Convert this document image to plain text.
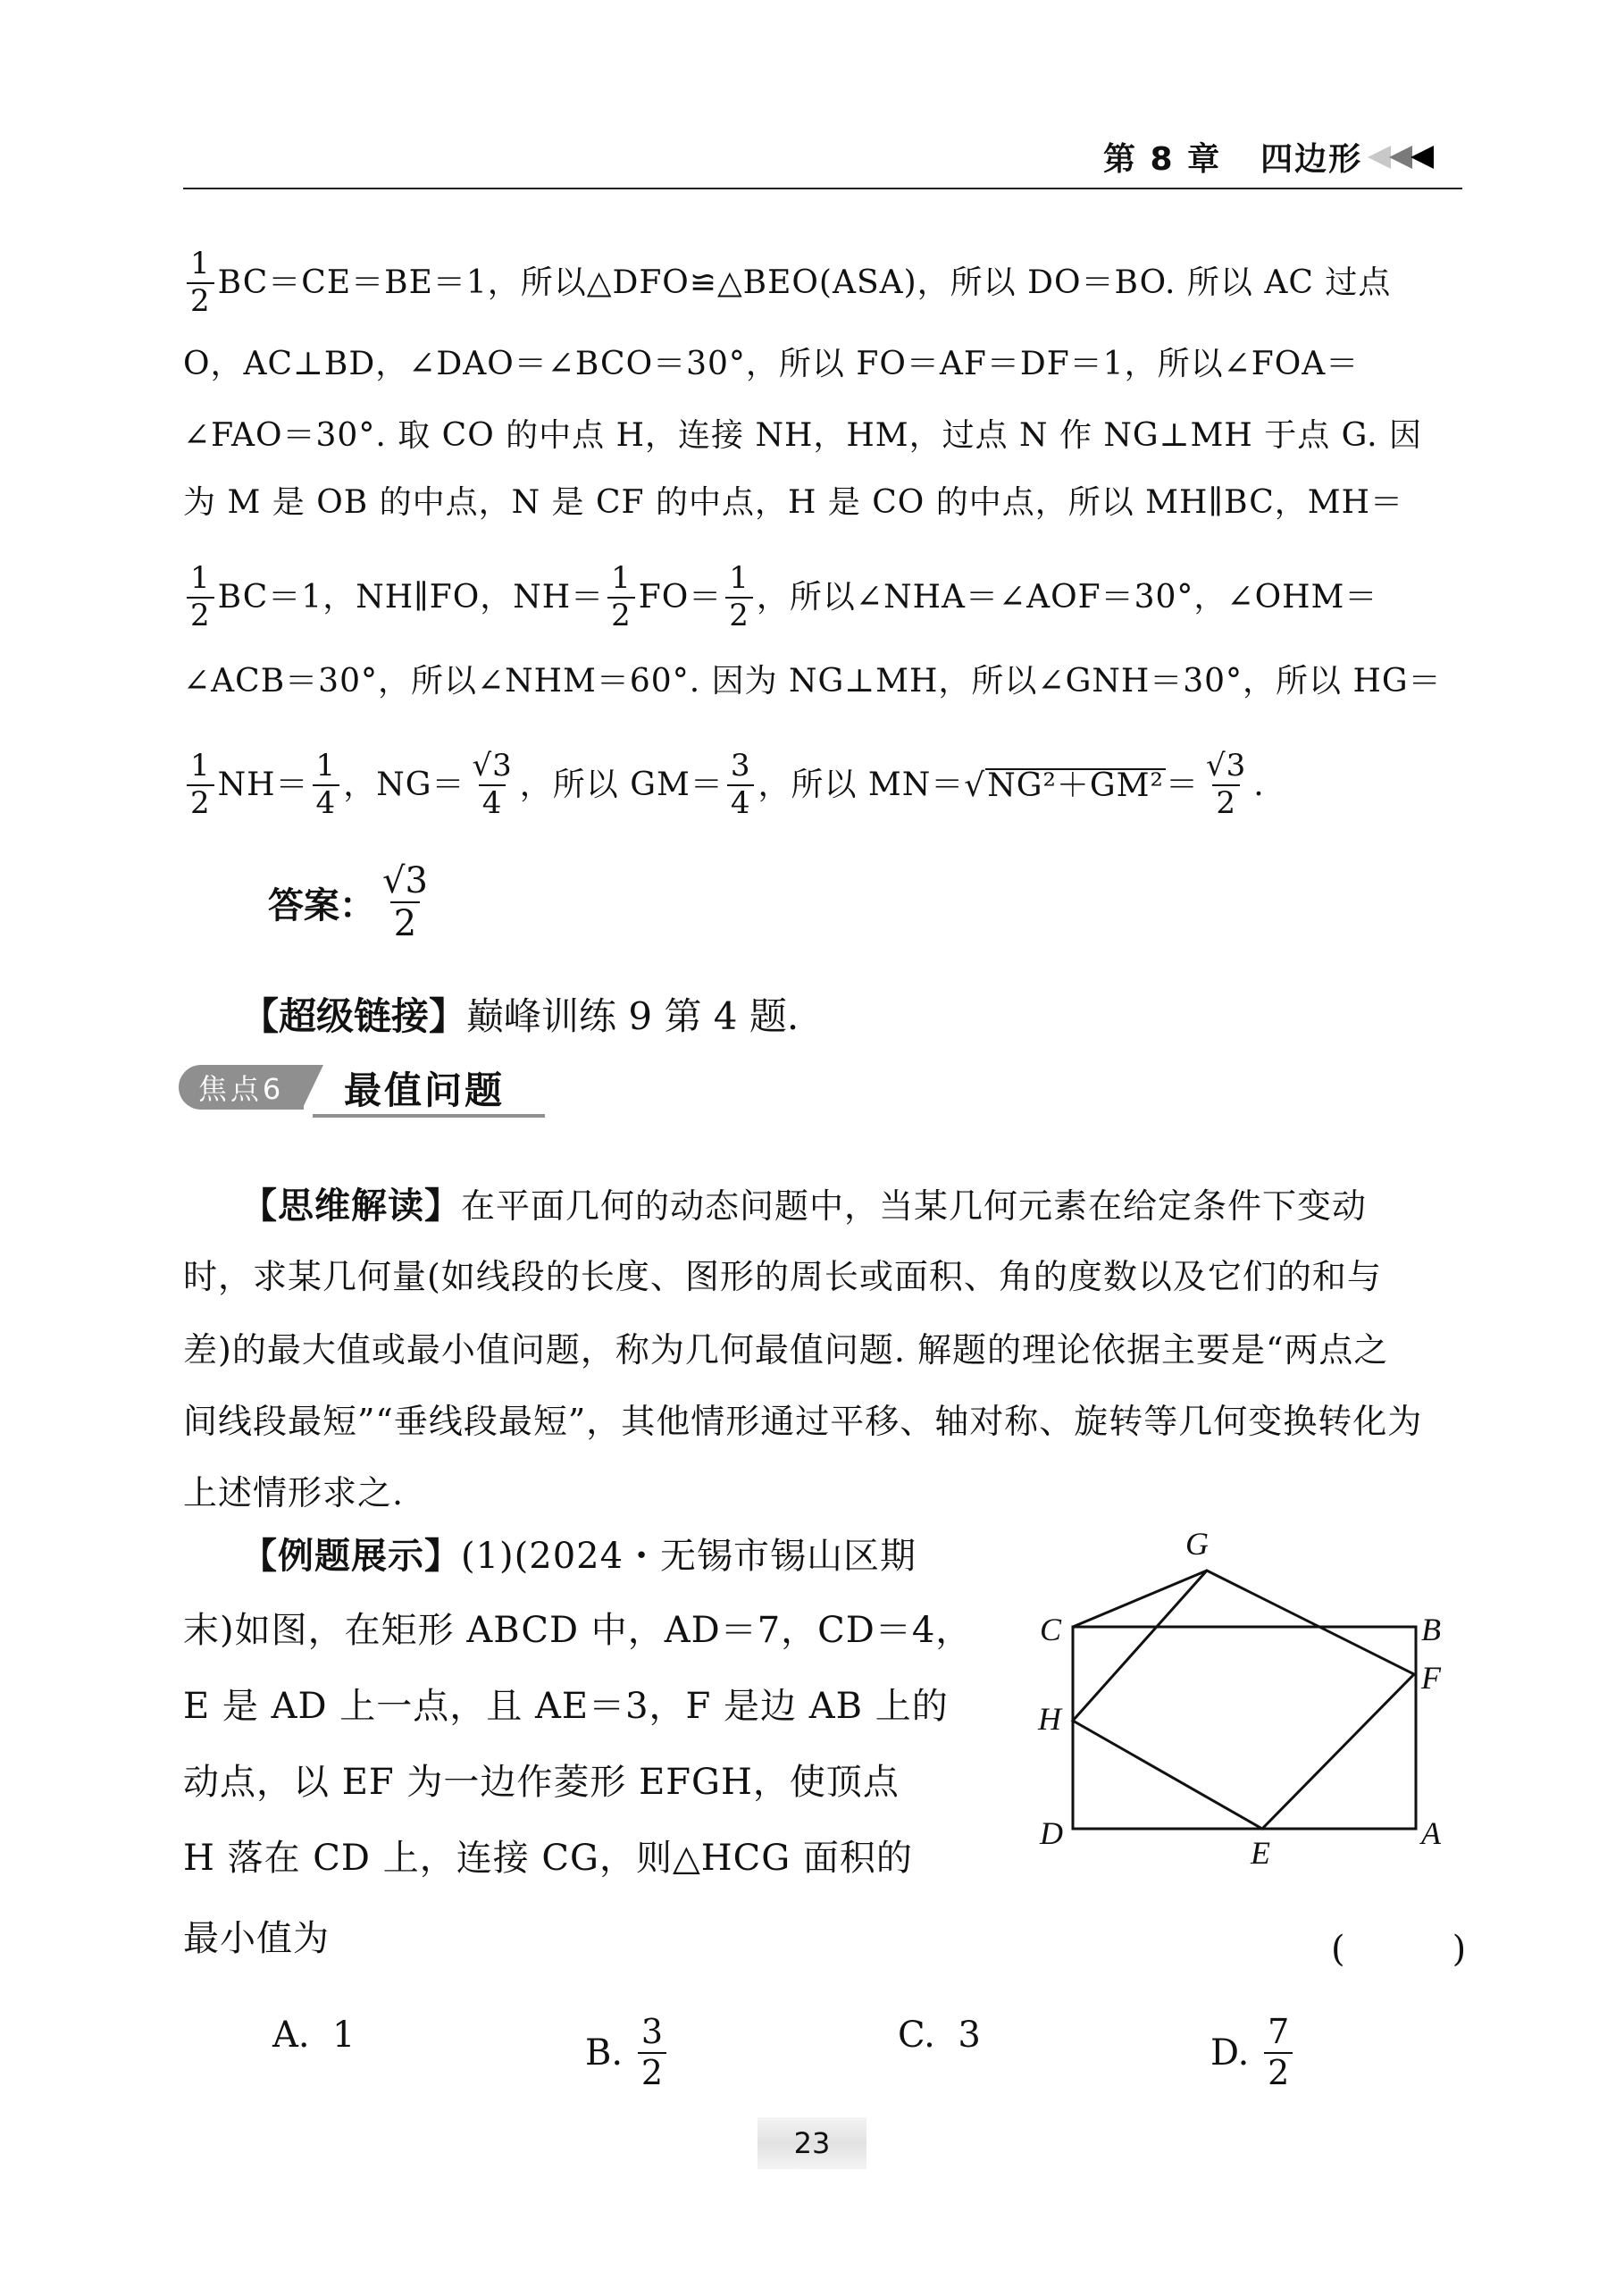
第 8 章 四边形
$\frac{1}{2} BC=CE=BE=1$，所以△DFO≌△BEO(ASA)，所以 DO＝BO. 所以 AC 过点
O，AC⊥BD，∠DAO＝∠BCO＝30°，所以 FO＝AF＝DF＝1，所以∠FOA＝
∠FAO＝30°. 取 CO 的中点 H，连接 NH，HM，过点 N 作 NG⊥MH 于点 G. 因
为 M 是 OB 的中点，N 是 CF 的中点，H 是 CO 的中点，所以 MH∥BC，MH＝
$\frac{1}{2} BC=1$，NH∥FO，$NH= \frac{1}{2} FO= \frac{1}{2}$ ，所以∠NHA＝∠AOF＝30°，∠OHM＝
∠ACB＝30°，所以∠NHM＝60°. 因为 NG⊥MH，所以∠GNH＝30°，所以 HG＝
$\frac{1}{2} NH= \frac{1}{4}$ ，$NG= \frac{√3}{4}$ ，所以 $GM= \frac{3}{4}$ ，所以 MN＝ √ $NG^2+GM^2 = \frac{√3}{2}$ .
答案： $\frac{√3}{2}$
【超级链接】 巅峰训练 9 第 4 题.
焦点6	最值问题
【思维解读】在平面几何的动态问题中，当某几何元素在给定条件下变动
时，求某几何量(如线段的长度、图形的周长或面积、角的度数以及它们的和与
差)的最大值或最小值问题，称为几何最值问题. 解题的理论依据主要是“两点之
间线段最短”“垂线段最短”，其他情形通过平移、轴对称、旋转等几何变换转化为
上述情形求之.
【例题展示】(1)(2024・无锡市锡山区期
末)如图，在矩形 ABCD 中，AD＝7，CD＝4，
E 是 AD 上一点，且 AE＝3，F 是边 AB 上的
动点，以 EF 为一边作菱形 EFGH，使顶点
H 落在 CD 上，连接 CG，则△HCG 面积的
最小值为	(　)
A.
1	B.
$\frac{3}{2}$	C.
3	D.
$\frac{7}{2}$
G
C	B
F
H
D	A
E
23
